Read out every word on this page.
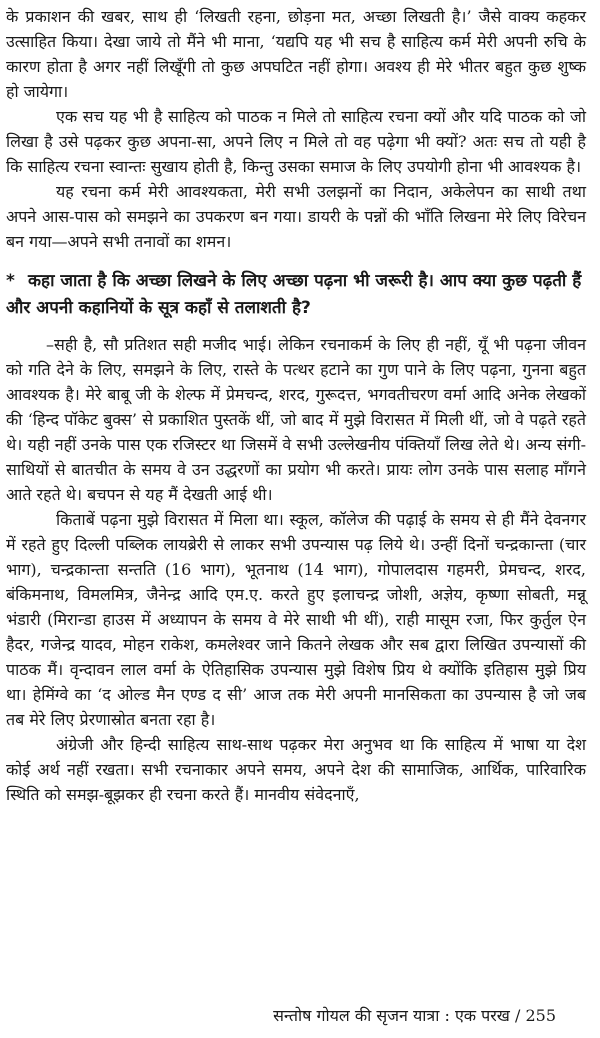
के प्रकाशन की खबर, साथ ही ‘लिखती रहना, छोड़ना मत, अच्छा लिखती है।’ जैसे वाक्य कहकर उत्साहित किया। देखा जाये तो मैंने भी माना, ‘यद्यपि यह भी सच है साहित्य कर्म मेरी अपनी रुचि के कारण होता है अगर नहीं लिखूँगी तो कुछ अपघटित नहीं होगा। अवश्य ही मेरे भीतर बहुत कुछ शुष्क हो जायेगा।

एक सच यह भी है साहित्य को पाठक न मिले तो साहित्य रचना क्यों और यदि पाठक को जो लिखा है उसे पढ़कर कुछ अपना-सा, अपने लिए न मिले तो वह पढ़ेगा भी क्यों? अतः सच तो यही है कि साहित्य रचना स्वान्तः सुखाय होती है, किन्तु उसका समाज के लिए उपयोगी होना भी आवश्यक है।

यह रचना कर्म मेरी आवश्यकता, मेरी सभी उलझनों का निदान, अकेलेपन का साथी तथा अपने आस-पास को समझने का उपकरण बन गया। डायरी के पन्नों की भाँति लिखना मेरे लिए विरेचन बन गया—अपने सभी तनावों का शमन।

* कहा जाता है कि अच्छा लिखने के लिए अच्छा पढ़ना भी जरूरी है। आप क्या कुछ पढ़ती हैं और अपनी कहानियों के सूत्र कहाँ से तलाशती है?

–सही है, सौ प्रतिशत सही मजीद भाई। लेकिन रचनाकर्म के लिए ही नहीं, यूँ भी पढ़ना जीवन को गति देने के लिए, समझने के लिए, रास्ते के पत्थर हटाने का गुण पाने के लिए पढ़ना, गुनना बहुत आवश्यक है। मेरे बाबू जी के शेल्फ में प्रेमचन्द, शरद, गुरूदत्त, भगवतीचरण वर्मा आदि अनेक लेखकों की ‘हिन्द पॉकेट बुक्स’ से प्रकाशित पुस्तकें थीं, जो बाद में मुझे विरासत में मिली थीं, जो वे पढ़ते रहते थे। यही नहीं उनके पास एक रजिस्टर था जिसमें वे सभी उल्लेखनीय पंक्तियाँ लिख लेते थे। अन्य संगी-साथियों से बातचीत के समय वे उन उद्धरणों का प्रयोग भी करते। प्रायः लोग उनके पास सलाह माँगने आते रहते थे। बचपन से यह मैं देखती आई थी।

किताबें पढ़ना मुझे विरासत में मिला था। स्कूल, कॉलेज की पढ़ाई के समय से ही मैंने देवनगर में रहते हुए दिल्ली पब्लिक लायब्रेरी से लाकर सभी उपन्यास पढ़ लिये थे। उन्हीं दिनों चन्द्रकान्ता (चार भाग), चन्द्रकान्ता सन्तति (16 भाग), भूतनाथ (14 भाग), गोपालदास गहमरी, प्रेमचन्द, शरद, बंकिमनाथ, विमलमित्र, जैनेन्द्र आदि एम.ए. करते हुए इलाचन्द्र जोशी, अज्ञेय, कृष्णा सोबती, मन्नू भंडारी (मिरान्डा हाउस में अध्यापन के समय वे मेरे साथी भी थीं), राही मासूम रजा, फिर कुर्तुल ऐन हैदर, गजेन्द्र यादव, मोहन राकेश, कमलेश्वर जाने कितने लेखक और सब द्वारा लिखित उपन्यासों की पाठक मैं। वृन्दावन लाल वर्मा के ऐतिहासिक उपन्यास मुझे विशेष प्रिय थे क्योंकि इतिहास मुझे प्रिय था। हेमिंग्वे का ‘द ओल्ड मैन एण्ड द सी’ आज तक मेरी अपनी मानसिकता का उपन्यास है जो जब तब मेरे लिए प्रेरणास्रोत बनता रहा है।

अंग्रेजी और हिन्दी साहित्य साथ-साथ पढ़कर मेरा अनुभव था कि साहित्य में भाषा या देश कोई अर्थ नहीं रखता। सभी रचनाकार अपने समय, अपने देश की सामाजिक, आर्थिक, पारिवारिक स्थिति को समझ-बूझकर ही रचना करते हैं। मानवीय संवेदनाएँ,

सन्तोष गोयल की सृजन यात्रा : एक परख / 255
